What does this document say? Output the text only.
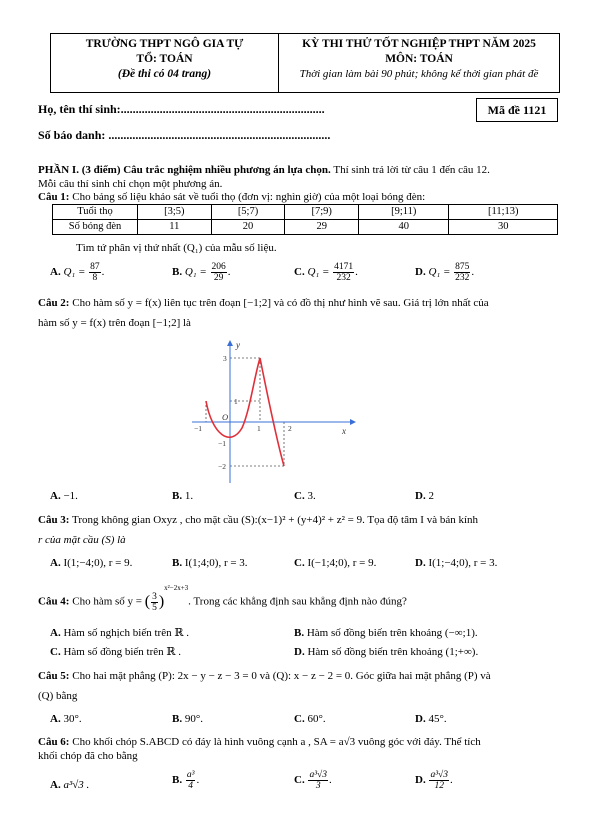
TRƯỜNG THPT NGÔ GIA TỰ
TỔ: TOÁN
(Đề thi có 04 trang)
KỲ THI THỬ TỐT NGHIỆP THPT NĂM 2025
MÔN: TOÁN
Thời gian làm bài 90 phút; không kể thời gian phát đề
Họ, tên thí sinh:....................................................................	Mã đề 1121
Số báo danh: ..........................................................................
PHẦN I. (3 điểm) Câu trắc nghiệm nhiều phương án lựa chọn. Thí sinh trả lời từ câu 1 đến câu 12.
Mỗi câu thí sinh chỉ chọn một phương án.
Câu 1: Cho bảng số liệu khảo sát về tuổi thọ (đơn vị: nghìn giờ) của một loại bóng đèn:
Tuổi thọ	[3;5)	[5;7)	[7;9)	[9;11)	[11;13)
Số bóng đèn	11	20	29	40	30
Tìm tứ phân vị thứ nhất (Q₁) của mẫu số liệu.
A. $Q_1 = \frac{87}{8}$ .	B. $Q_1 = \frac{206}{29}$ .	C. $Q_1 = \frac{4171}{232}$ .	D. $Q_1 = \frac{875}{232}$ .
Câu 2: Cho hàm số y = f(x) liên tục trên đoạn [−1;2] và có đồ thị như hình vẽ sau. Giá trị lớn nhất của
hàm số y = f(x) trên đoạn [−1;2] là
y
x
O
3
1
−1
−2
−1	1	2
A. −1.	B. 1.	C. 3.	D. 2
Câu 3: Trong không gian Oxyz , cho mặt cầu (S):(x−1)² + (y+4)² + z² = 9. Tọa độ tâm I và bán kính
r của mặt cầu (S) là
A. I(1;−4;0), r = 9.	B. I(1;4;0), r = 3.	C. I(−1;4;0), r = 9.	D. I(1;−4;0), r = 3.
Câu 4: Cho hàm số y = ( $\frac{3}{5} )^{x^2-2x+3}$. Trong các khẳng định sau khẳng định nào đúng?
A. Hàm số nghịch biến trên ℝ .	B. Hàm số đồng biến trên khoảng (−∞;1).
C. Hàm số đồng biến trên ℝ .	D. Hàm số đồng biến trên khoảng (1;+∞).
Câu 5: Cho hai mặt phẳng (P): 2x − y − z − 3 = 0 và (Q): x − z − 2 = 0. Góc giữa hai mặt phẳng (P) và
(Q) bằng
A. 30°.	B. 90°.	C. 60°.	D. 45°.
Câu 6: Cho khối chóp S.ABCD có đáy là hình vuông cạnh a , SA = a√3 vuông góc với đáy. Thể tích
khối chóp đã cho bằng
A. a³√3 .	B. $\frac{\text{a³}}{4}$ .	C. $\frac{\text{a³√3}}{3}$ .	D. $\frac{\text{a³√3}}{12}$ .
